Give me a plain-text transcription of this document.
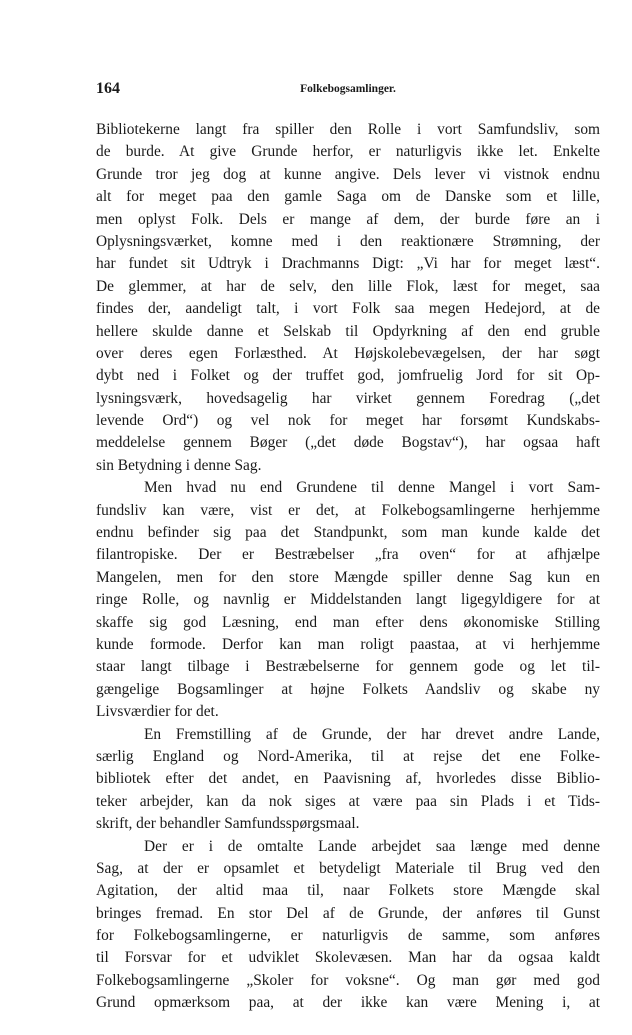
164	Folkebogsamlinger.
Bibliotekerne langt fra spiller den Rolle i vort Samfundsliv, som
de burde. At give Grunde herfor, er naturligvis ikke let. Enkelte
Grunde tror jeg dog at kunne angive. Dels lever vi vistnok endnu
alt for meget paa den gamle Saga om de Danske som et lille,
men oplyst Folk. Dels er mange af dem, der burde føre an i
Oplysningsværket, komne med i den reaktionære Strømning, der
har fundet sit Udtryk i Drachmanns Digt: „Vi har for meget læst“.
De glemmer, at har de selv, den lille Flok, læst for meget, saa
findes der, aandeligt talt, i vort Folk saa megen Hedejord, at de
hellere skulde danne et Selskab til Opdyrkning af den end gruble
over deres egen Forlæsthed. At Højskolebevægelsen, der har søgt
dybt ned i Folket og der truffet god, jomfruelig Jord for sit Op-
lysningsværk, hovedsagelig har virket gennem Foredrag („det
levende Ord“) og vel nok for meget har forsømt Kundskabs-
meddelelse gennem Bøger („det døde Bogstav“), har ogsaa haft
sin Betydning i denne Sag.
Men hvad nu end Grundene til denne Mangel i vort Sam-
fundsliv kan være, vist er det, at Folkebogsamlingerne herhjemme
endnu befinder sig paa det Standpunkt, som man kunde kalde det
filantropiske. Der er Bestræbelser „fra oven“ for at afhjælpe
Mangelen, men for den store Mængde spiller denne Sag kun en
ringe Rolle, og navnlig er Middelstanden langt ligegyldigere for at
skaffe sig god Læsning, end man efter dens økonomiske Stilling
kunde formode. Derfor kan man roligt paastaa, at vi herhjemme
staar langt tilbage i Bestræbelserne for gennem gode og let til-
gængelige Bogsamlinger at højne Folkets Aandsliv og skabe ny
Livsværdier for det.
En Fremstilling af de Grunde, der har drevet andre Lande,
særlig England og Nord-Amerika, til at rejse det ene Folke-
bibliotek efter det andet, en Paavisning af, hvorledes disse Biblio-
teker arbejder, kan da nok siges at være paa sin Plads i et Tids-
skrift, der behandler Samfundsspørgsmaal.
Der er i de omtalte Lande arbejdet saa længe med denne
Sag, at der er opsamlet et betydeligt Materiale til Brug ved den
Agitation, der altid maa til, naar Folkets store Mængde skal
bringes fremad. En stor Del af de Grunde, der anføres til Gunst
for Folkebogsamlingerne, er naturligvis de samme, som anføres
til Forsvar for et udviklet Skolevæsen. Man har da ogsaa kaldt
Folkebogsamlingerne „Skoler for voksne“. Og man gør med god
Grund opmærksom paa, at der ikke kan være Mening i, at
